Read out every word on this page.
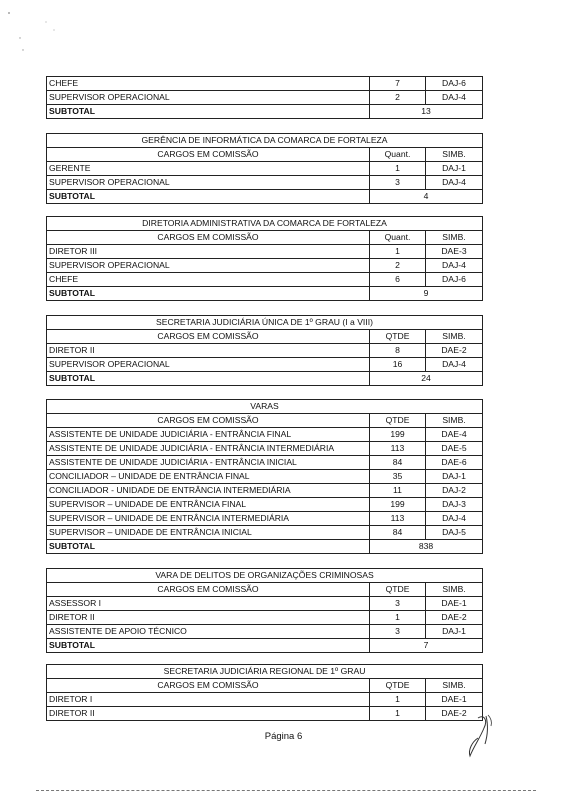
CHEFE	7	DAJ-6
SUPERVISOR OPERACIONAL	2	DAJ-4
SUBTOTAL	13	
GERÊNCIA DE INFORMÁTICA DA COMARCA DE FORTALEZA		
CARGOS EM COMISSÃO	Quant.	SIMB.
GERENTE	1	DAJ-1
SUPERVISOR OPERACIONAL	3	DAJ-4
SUBTOTAL	4	
DIRETORIA ADMINISTRATIVA DA COMARCA DE FORTALEZA		
CARGOS EM COMISSÃO	Quant.	SIMB.
DIRETOR III	1	DAE-3
SUPERVISOR OPERACIONAL	2	DAJ-4
CHEFE	6	DAJ-6
SUBTOTAL	9	
SECRETARIA JUDICIÁRIA ÚNICA DE 1º GRAU (I a VIII)		
CARGOS EM COMISSÃO	QTDE	SIMB.
DIRETOR II	8	DAE-2
SUPERVISOR OPERACIONAL	16	DAJ-4
SUBTOTAL	24	
VARAS		
CARGOS EM COMISSÃO	QTDE	SIMB.
ASSISTENTE DE UNIDADE JUDICIÁRIA - ENTRÂNCIA FINAL	199	DAE-4
ASSISTENTE DE UNIDADE JUDICIÁRIA - ENTRÂNCIA INTERMEDIÁRIA	113	DAE-5
ASSISTENTE DE UNIDADE JUDICIÁRIA - ENTRÂNCIA INICIAL	84	DAE-6
CONCILIADOR – UNIDADE DE ENTRÂNCIA FINAL	35	DAJ-1
CONCILIADOR - UNIDADE DE ENTRÂNCIA INTERMEDIÁRIA	11	DAJ-2
SUPERVISOR – UNIDADE DE ENTRÂNCIA FINAL	199	DAJ-3
SUPERVISOR – UNIDADE DE ENTRÂNCIA INTERMEDIÁRIA	113	DAJ-4
SUPERVISOR – UNIDADE DE ENTRÂNCIA INICIAL	84	DAJ-5
SUBTOTAL	838	
VARA DE DELITOS DE ORGANIZAÇÕES CRIMINOSAS		
CARGOS EM COMISSÃO	QTDE	SIMB.
ASSESSOR I	3	DAE-1
DIRETOR II	1	DAE-2
ASSISTENTE DE APOIO TÉCNICO	3	DAJ-1
SUBTOTAL	7	
SECRETARIA JUDICIÁRIA REGIONAL DE 1º GRAU		
CARGOS EM COMISSÃO	QTDE	SIMB.
DIRETOR I	1	DAE-1
DIRETOR II	1	DAE-2
Página 6
